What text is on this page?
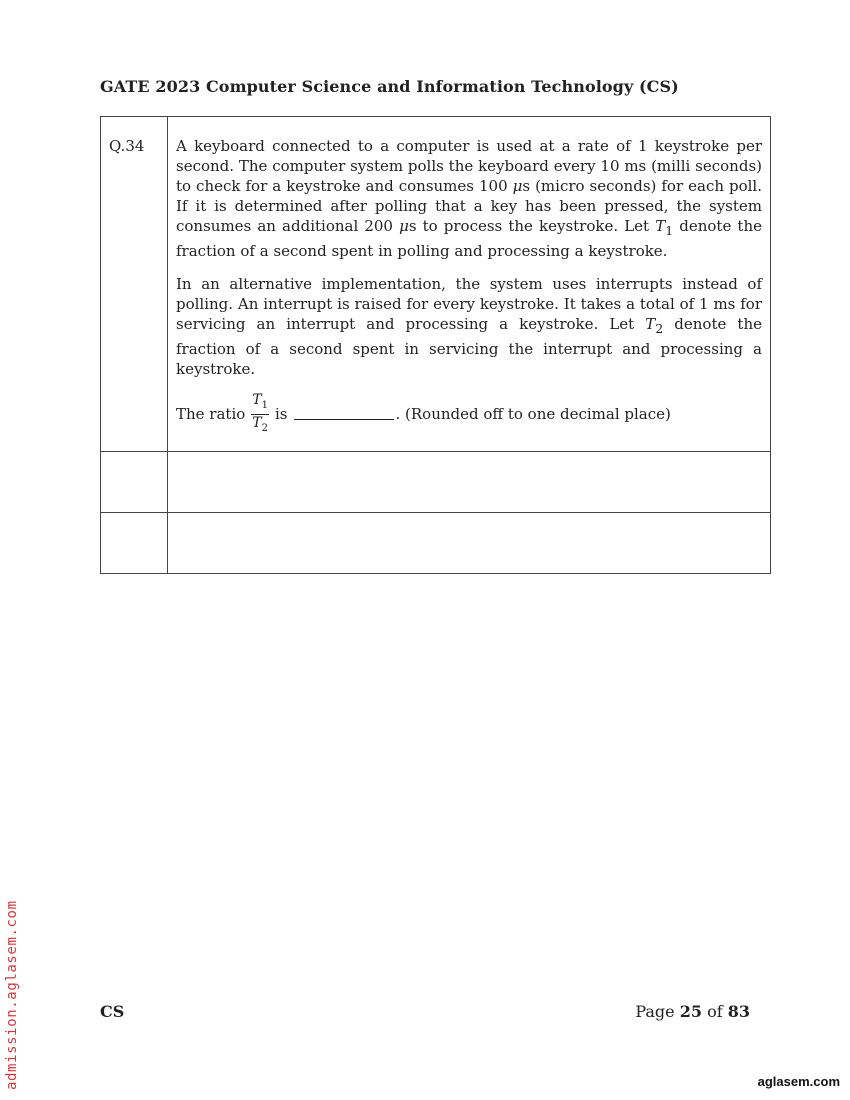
GATE 2023 Computer Science and Information Technology (CS)
Q.34	A keyboard connected to a computer is used at a rate of 1 keystroke per second. The computer system polls the keyboard every 10 ms (milli seconds) to check for a keystroke and consumes 100 μs (micro seconds) for each poll. If it is determined after polling that a key has been pressed, the system consumes an additional 200 μs to process the keystroke. Let $T_1$ denote the fraction of a second spent in polling and processing a keystroke.

In an alternative implementation, the system uses interrupts instead of polling. An interrupt is raised for every keystroke. It takes a total of 1 ms for servicing an interrupt and processing a keystroke. Let $T_2$ denote the fraction of a second spent in servicing the interrupt and processing a keystroke.

The ratio $\frac{T_1}{T_2}$ is	. (Rounded off to one decimal place)
CS	Page 25 of 83
admission.aglasem.com	aglasem.com
